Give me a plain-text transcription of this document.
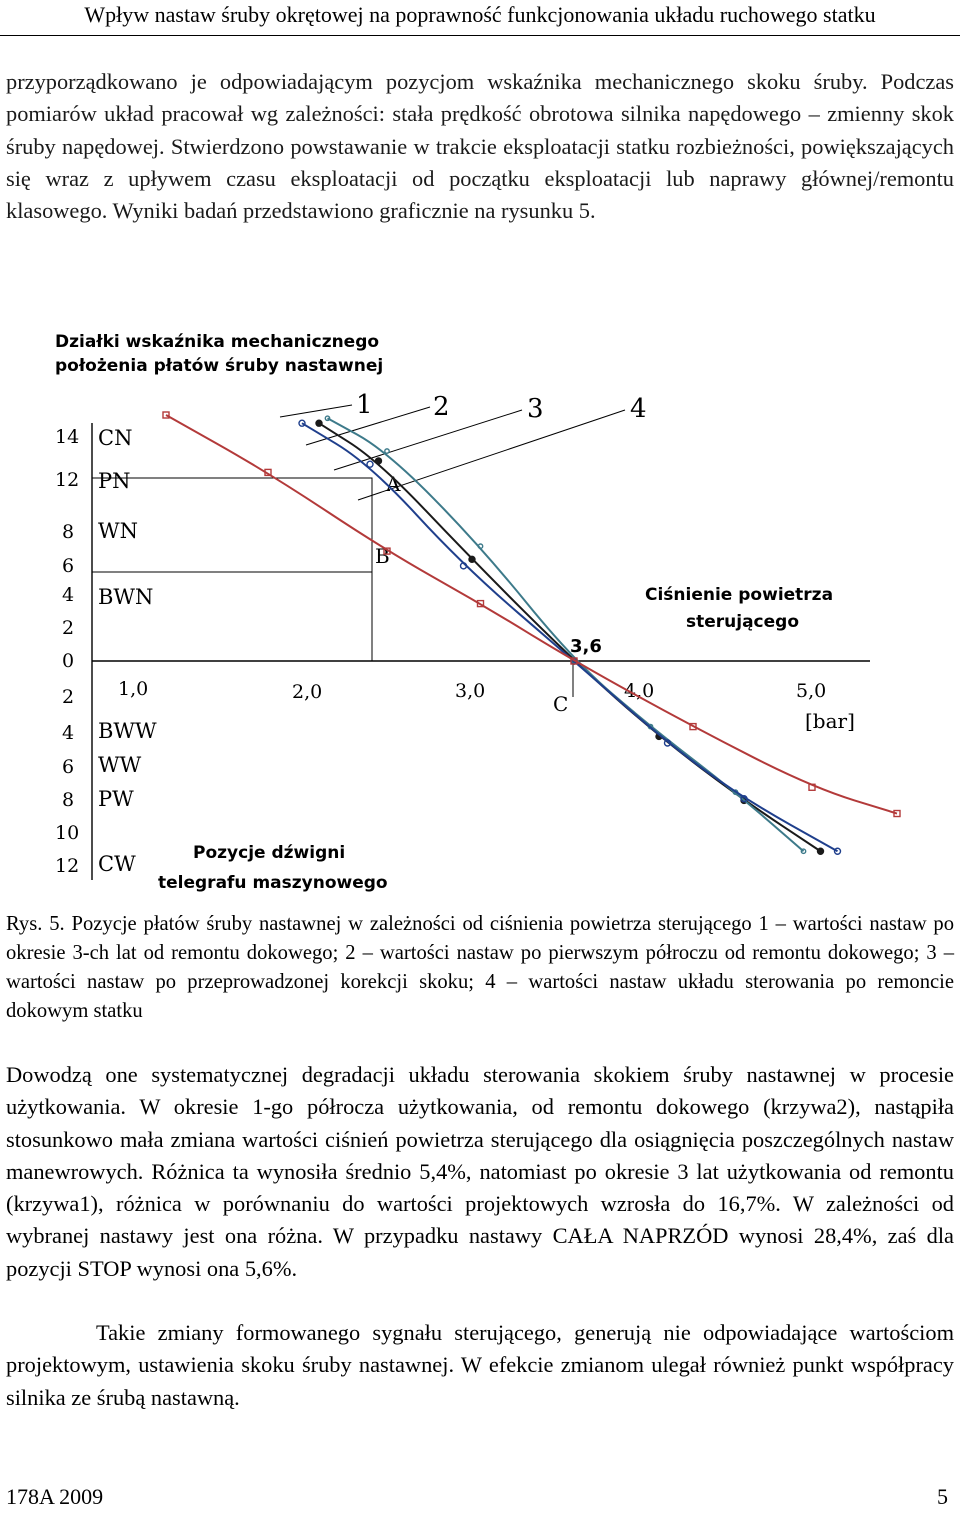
Wpływ nastaw śruby okrętowej na poprawność funkcjonowania układu ruchowego statku

przyporządkowano je odpowiadającym pozycjom wskaźnika mechanicznego skoku śruby. Podczas pomiarów układ pracował wg zależności: stała prędkość obrotowa silnika napędowego – zmienny skok śruby napędowej. Stwierdzono powstawanie w trakcie eksploatacji statku rozbieżności, powiększających się wraz z upływem czasu eksploatacji od początku eksploatacji lub naprawy głównej/remontu klasowego. Wyniki badań przedstawiono graficznie na rysunku 5.

Działki wskaźnika mechanicznego
położenia płatów śruby nastawnej
Ciśnienie powietrza
sterującego
Pozycje dźwigni
telegrafu maszynowego
14
12
8
6
4
2
0
2
4
6
8
10
12
CN
PN
WN
BWN
BWW
WW
PW
CW
1,0	2,0	3,0	4,0	5,0
[bar]
A
B
C
3,6
1 2	3	4

Rys. 5. Pozycje płatów śruby nastawnej w zależności od ciśnienia powietrza sterującego 1 – wartości nastaw po okresie 3-ch lat od remontu dokowego; 2 – wartości nastaw po pierwszym półroczu od remontu dokowego; 3 – wartości nastaw po przeprowadzonej korekcji skoku; 4 – wartości nastaw układu sterowania po remoncie dokowym statku

Dowodzą one systematycznej degradacji układu sterowania skokiem śruby nastawnej w procesie użytkowania. W okresie 1-go półrocza użytkowania, od remontu dokowego (krzywa2), nastąpiła stosunkowo mała zmiana wartości ciśnień powietrza sterującego dla osiągnięcia poszczególnych nastaw manewrowych. Różnica ta wynosiła średnio 5,4%, natomiast po okresie 3 lat użytkowania od remontu (krzywa1), różnica w porównaniu do wartości projektowych wzrosła do 16,7%. W zależności od wybranej nastawy jest ona różna. W przypadku nastawy CAŁA NAPRZÓD wynosi 28,4%, zaś dla pozycji STOP wynosi ona 5,6%.

Takie zmiany formowanego sygnału sterującego, generują nie odpowiadające wartościom projektowym, ustawienia skoku śruby nastawnej. W efekcie zmianom ulegał również punkt współpracy silnika ze śrubą nastawną.

178A 2009	5
